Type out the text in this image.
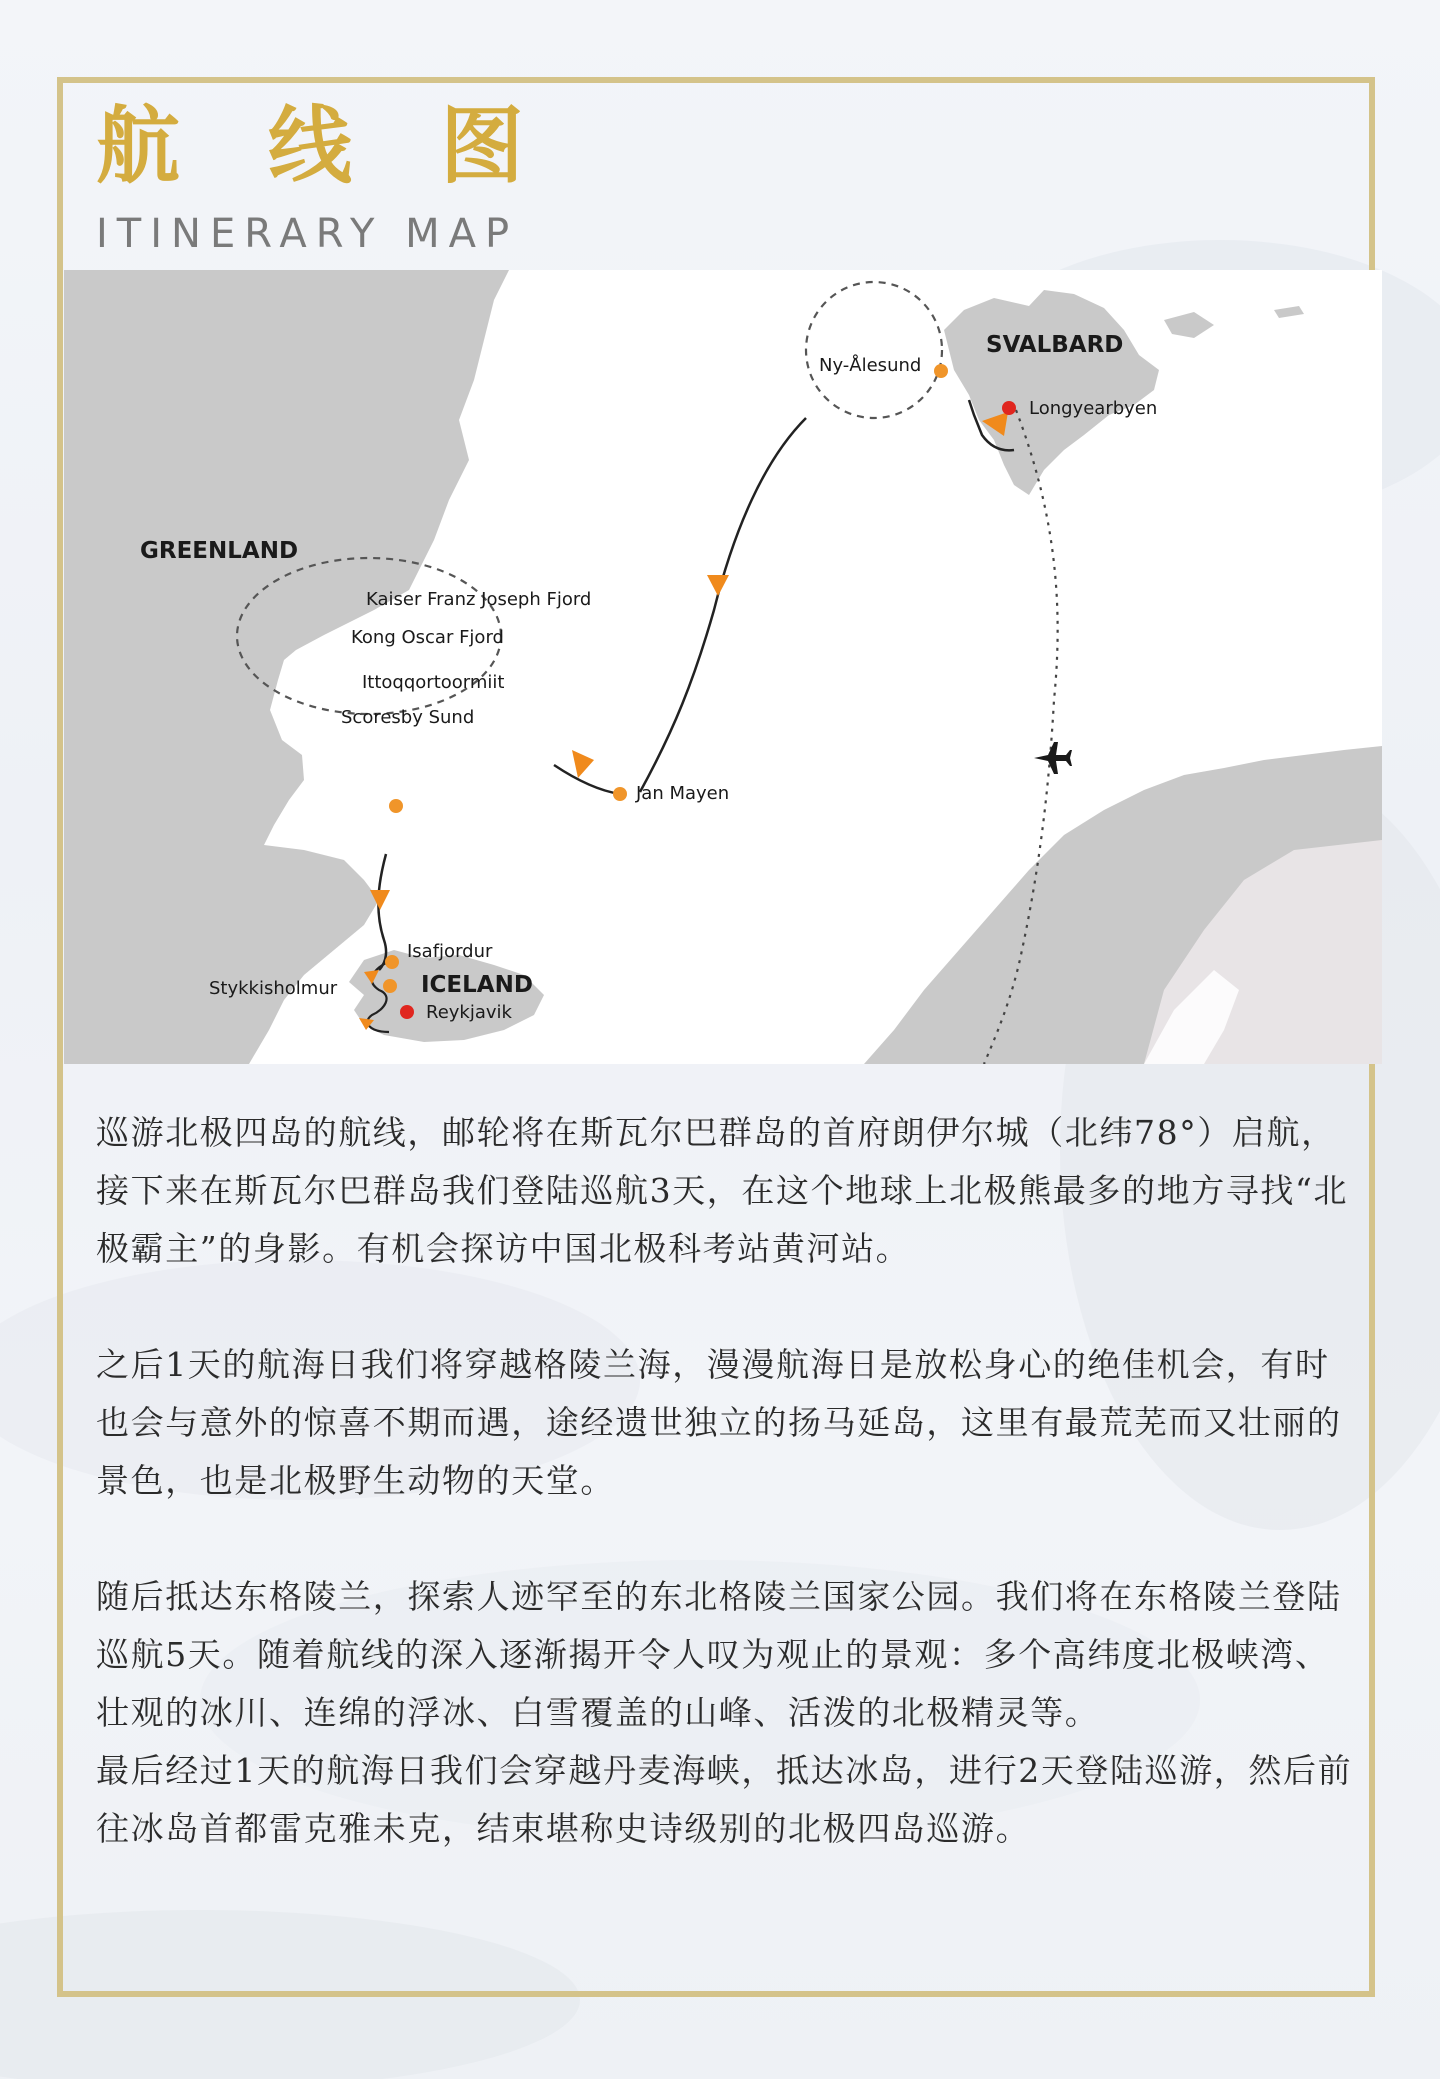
航线图
ITINERARY MAP
GREENLAND
SVALBARD
ICELAND
Ny-Ålesund
Longyearbyen
Kaiser Franz Joseph Fjord
Kong Oscar Fjord
Ittoqqortoormiit
Scoresby Sund
Jan Mayen
Isafjordur
Stykkisholmur
Reykjavik

巡游北极四岛的航线，邮轮将在斯瓦尔巴群岛的首府朗伊尔城（北纬78°）启航，接下来在斯瓦尔巴群岛我们登陆巡航3天，在这个地球上北极熊最多的地方寻找“北极霸主”的身影。有机会探访中国北极科考站黄河站。

之后1天的航海日我们将穿越格陵兰海，漫漫航海日是放松身心的绝佳机会，有时也会与意外的惊喜不期而遇，途经遗世独立的扬马延岛，这里有最荒芜而又壮丽的景色，也是北极野生动物的天堂。

随后抵达东格陵兰，探索人迹罕至的东北格陵兰国家公园。我们将在东格陵兰登陆巡航5天。随着航线的深入逐渐揭开令人叹为观止的景观：多个高纬度北极峡湾、壮观的冰川、连绵的浮冰、白雪覆盖的山峰、活泼的北极精灵等。

最后经过1天的航海日我们会穿越丹麦海峡，抵达冰岛，进行2天登陆巡游，然后前往冰岛首都雷克雅未克，结束堪称史诗级别的北极四岛巡游。
